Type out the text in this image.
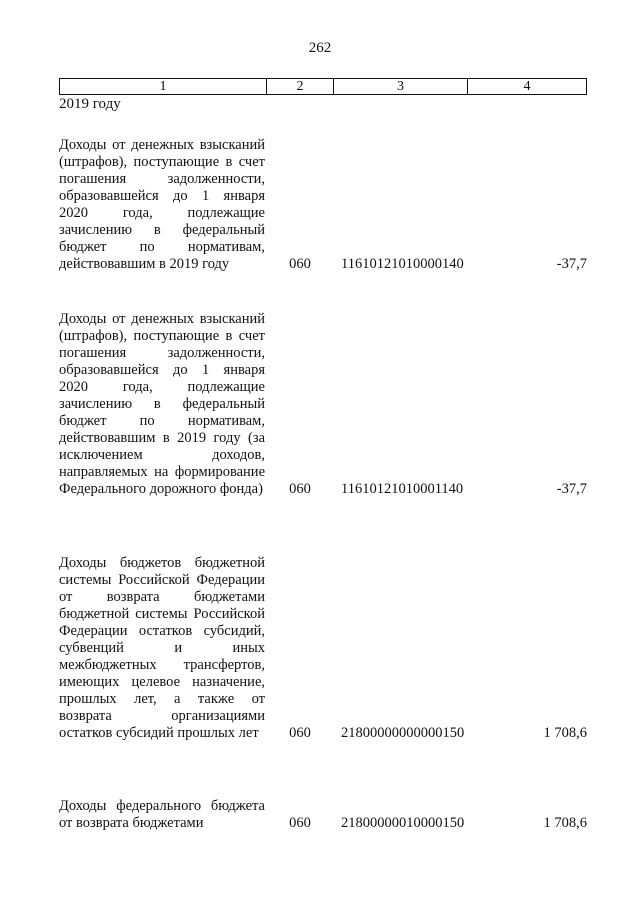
262
1	2	3	4
2019 году
Доходы от денежных взысканий (штрафов), поступающие в счет погашения задолженности, образовавшейся до 1 января 2020 года, подлежащие зачислению в федеральный бюджет по нормативам, действовавшим в 2019 году	060 11610121010000140	-37,7
Доходы от денежных взысканий (штрафов), поступающие в счет погашения задолженности, образовавшейся до 1 января 2020 года, подлежащие зачислению в федеральный бюджет по нормативам, действовавшим в 2019 году (за исключением доходов, направляемых на формирование Федерального дорожного фонда) 060 11610121010001140	-37,7
Доходы бюджетов бюджетной системы Российской Федерации от возврата бюджетами бюджетной системы Российской Федерации остатков субсидий, субвенций и иных межбюджетных трансфертов, имеющих целевое назначение, прошлых лет, а также от возврата организациями остатков субсидий прошлых лет	060 21800000000000150	1 708,6
Доходы федерального бюджета от возврата бюджетами	060 21800000010000150	1 708,6
